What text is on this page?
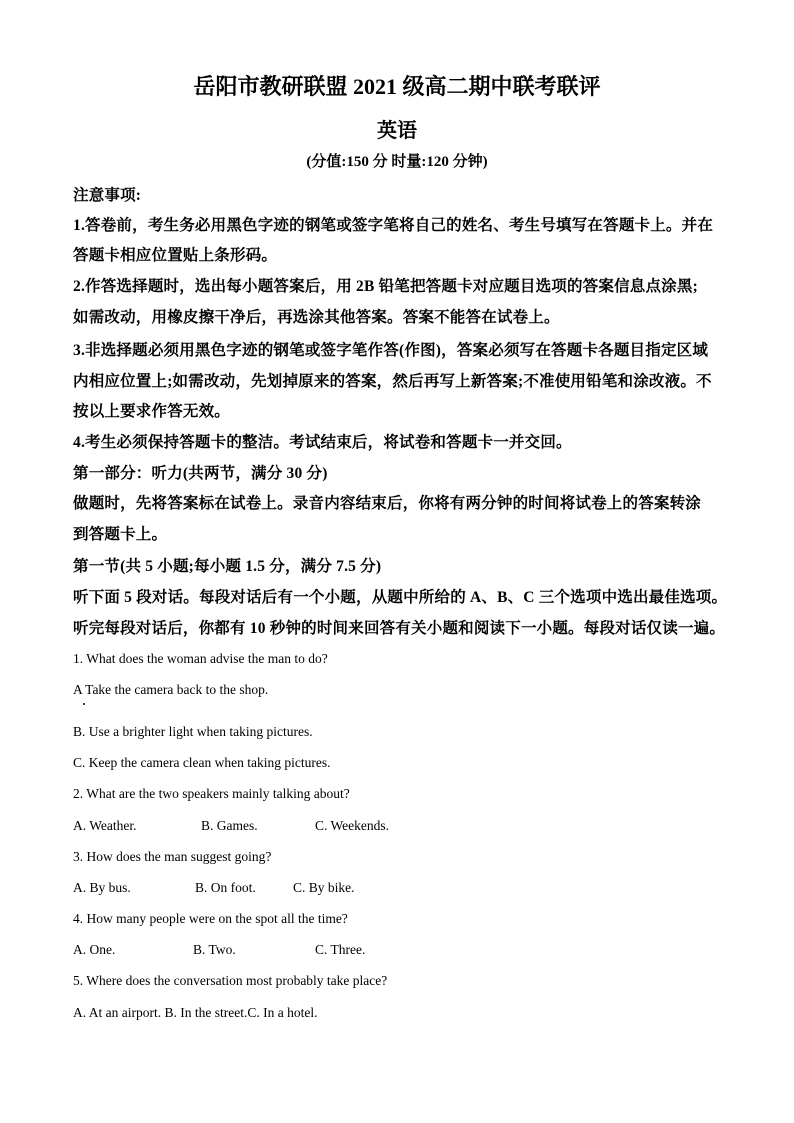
岳阳市教研联盟 2021 级高二期中联考联评
英语
(分值:150 分 时量:120 分钟)
注意事项:
1.答卷前，考生务必用黑色字迹的钢笔或签字笔将自己的姓名、考生号填写在答题卡上。并在
答题卡相应位置贴上条形码。
2.作答选择题时，选出每小题答案后，用 2B 铅笔把答题卡对应题目选项的答案信息点涂黑;
如需改动，用橡皮擦干净后，再选涂其他答案。答案不能答在试卷上。
3.非选择题必须用黑色字迹的钢笔或签字笔作答(作图)，答案必须写在答题卡各题目指定区域
内相应位置上;如需改动，先划掉原来的答案，然后再写上新答案;不准使用铅笔和涂改液。不
按以上要求作答无效。
4.考生必须保持答题卡的整洁。考试结束后，将试卷和答题卡一并交回。
第一部分：听力(共两节，满分 30 分)
做题时，先将答案标在试卷上。录音内容结束后，你将有两分钟的时间将试卷上的答案转涂
到答题卡上。
第一节(共 5 小题;每小题 1.5 分，满分 7.5 分)
听下面 5 段对话。每段对话后有一个小题，从题中所给的 A、B、C 三个选项中选出最佳选项。
听完每段对话后，你都有 10 秒钟的时间来回答有关小题和阅读下一小题。每段对话仅读一遍。
1. What does the woman advise the man to do?
A Take the camera back to the shop.
B. Use a brighter light when taking pictures.
C. Keep the camera clean when taking pictures.
2. What are the two speakers mainly talking about?
A. Weather.	B. Games.	C. Weekends.
3. How does the man suggest going?
A. By bus.	B. On foot.	C. By bike.
4. How many people were on the spot all the time?
A. One.	B. Two.	C. Three.
5. Where does the conversation most probably take place?
A. At an airport. B. In the street.C. In a hotel.
